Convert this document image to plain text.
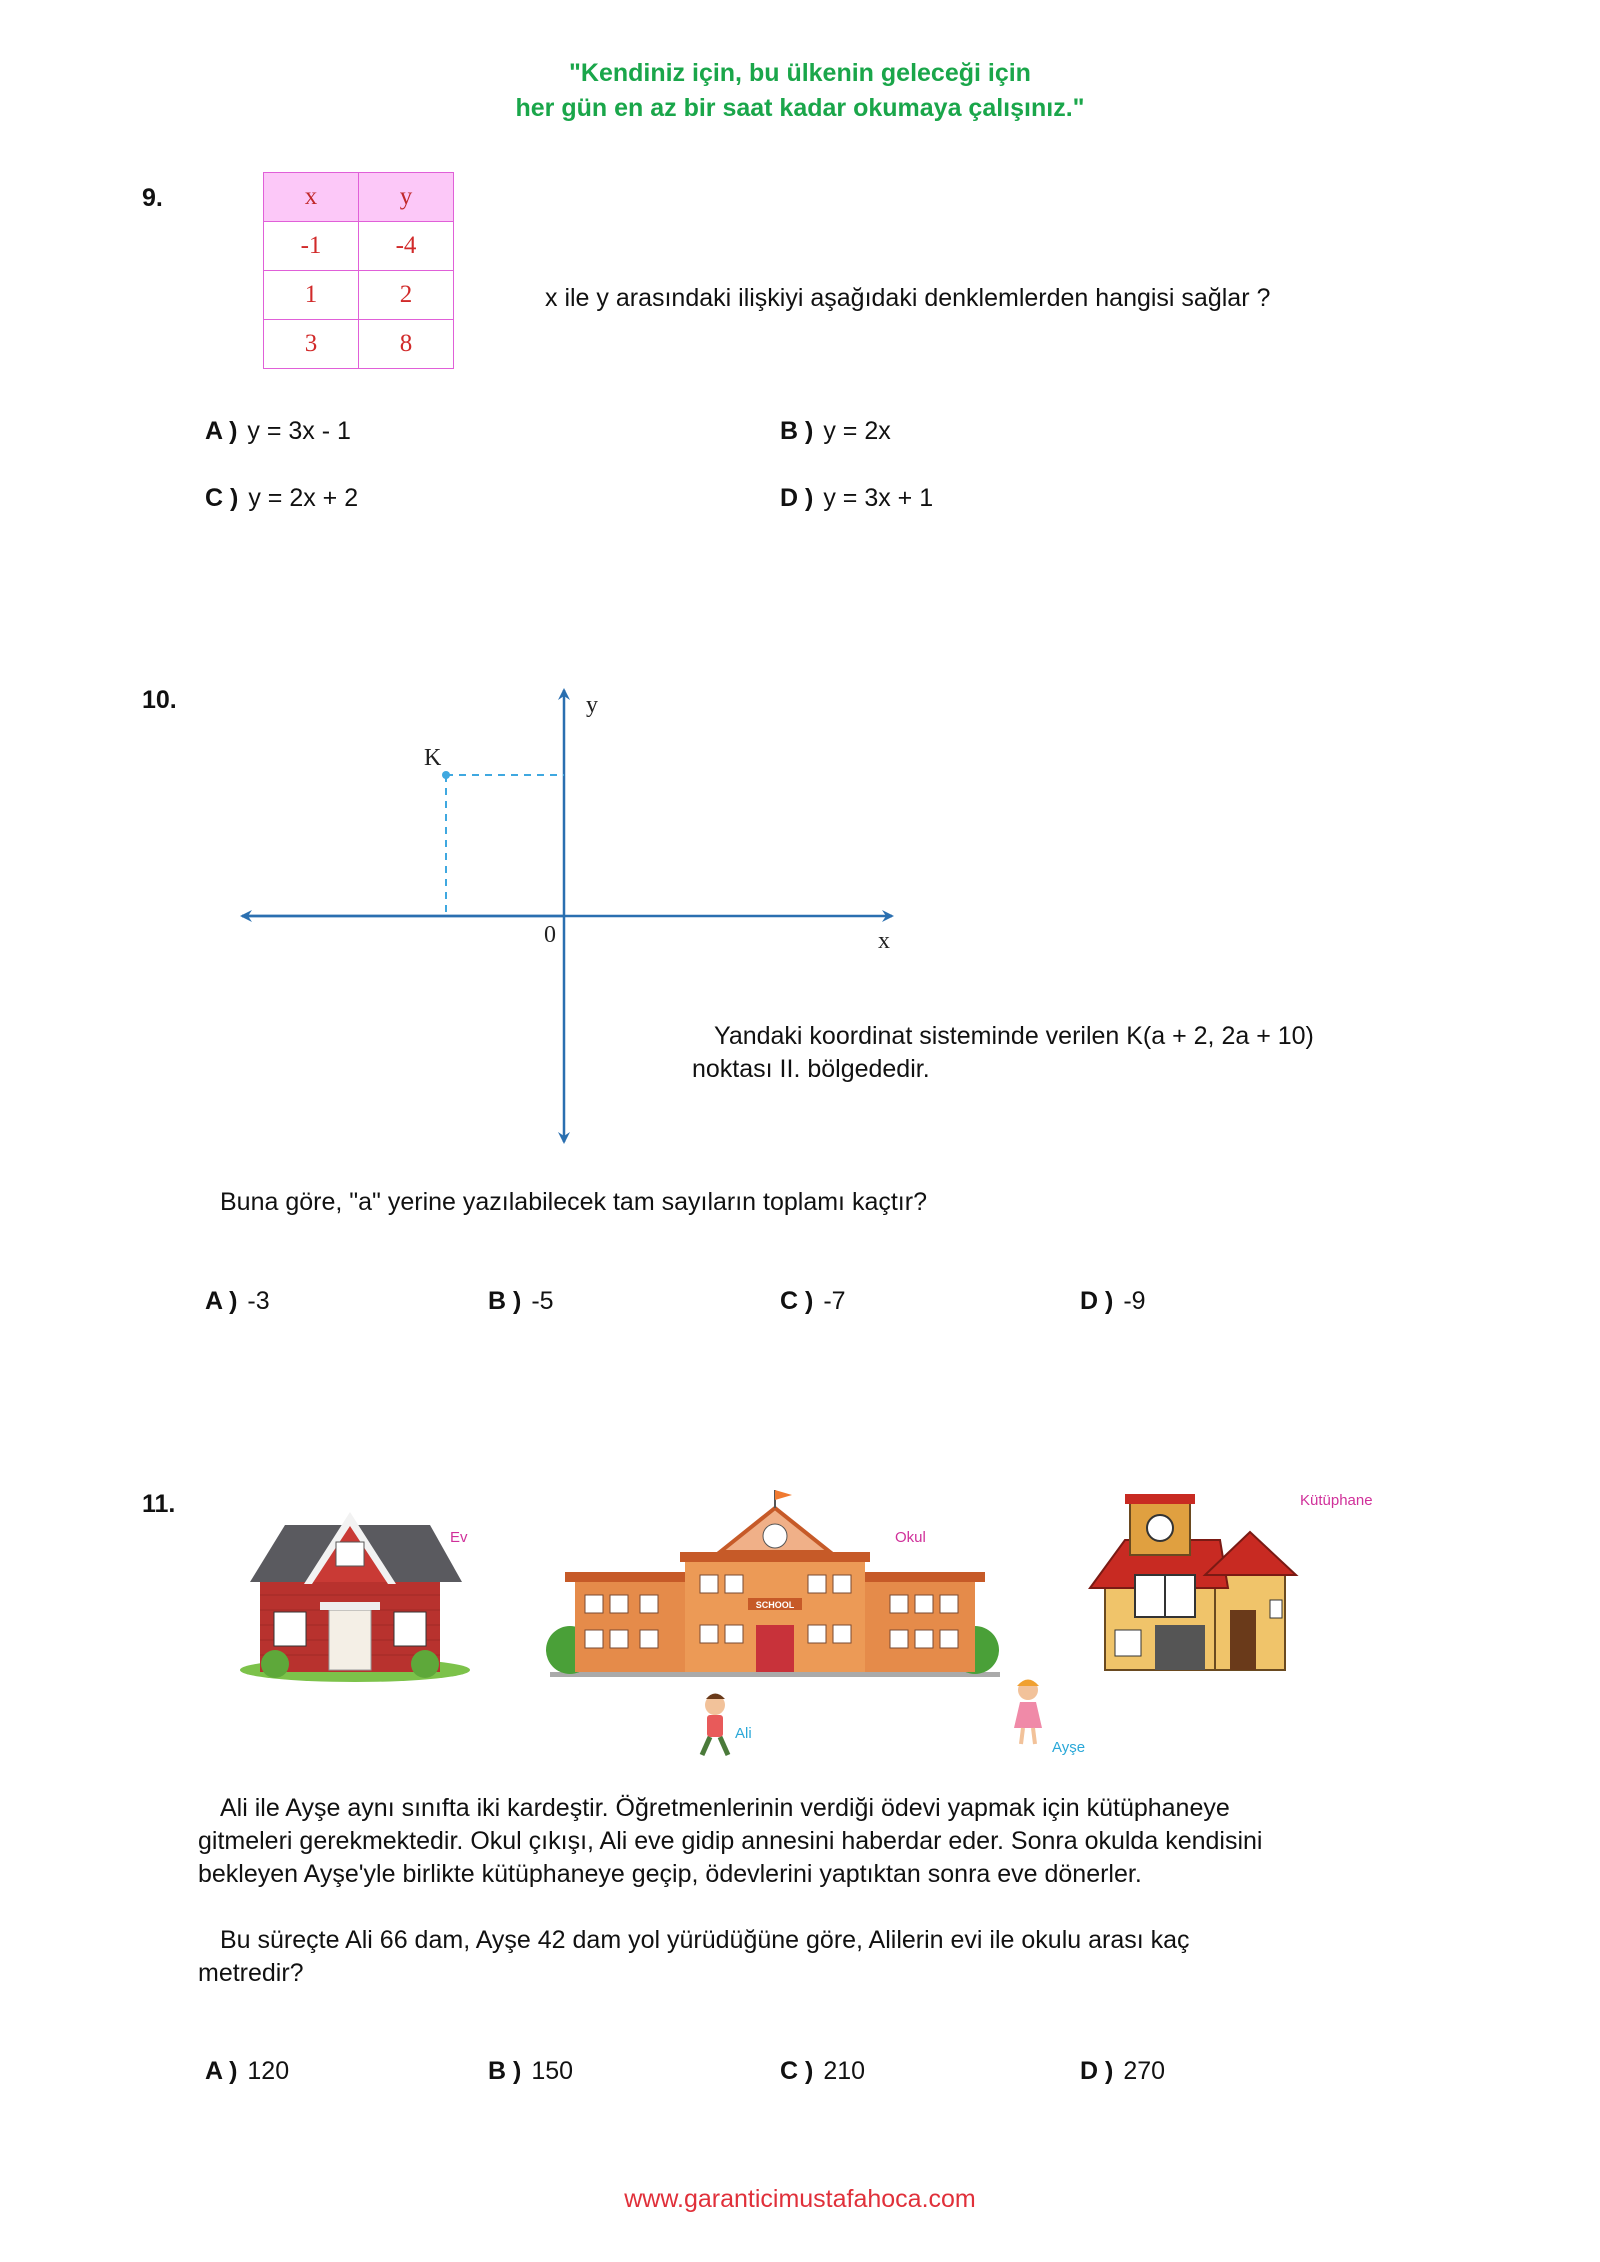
"Kendiniz için, bu ülkenin geleceği için
her gün en az bir saat kadar okumaya çalışınız."
9.	x	y
-1	-4
1	2
3	8
x ile y arasındaki ilişkiyi aşağıdaki denklemlerden hangisi sağlar ?
A ) y = 3x - 1	B ) y = 2x
C ) y = 2x + 2	D ) y = 3x + 1
10.	y
x
0
K
Yandaki koordinat sisteminde verilen K(a + 2, 2a + 10)
noktası II. bölgededir.
Buna göre, "a" yerine yazılabilecek tam sayıların toplamı kaçtır?
A ) -3	B ) -5	C ) -7	D ) -9
11.
Ev
SCHOOL
Okul
Kütüphane
Ali
Ayşe
Ali ile Ayşe aynı sınıfta iki kardeştir. Öğretmenlerinin verdiği ödevi yapmak için kütüphaneye
gitmeleri gerekmektedir. Okul çıkışı, Ali eve gidip annesini haberdar eder. Sonra okulda kendisini
bekleyen Ayşe'yle birlikte kütüphaneye geçip, ödevlerini yaptıktan sonra eve dönerler.
Bu süreçte Ali 66 dam, Ayşe 42 dam yol yürüdüğüne göre, Alilerin evi ile okulu arası kaç
metredir?
A ) 120	B ) 150	C ) 210	D ) 270
www.garanticimustafahoca.com
